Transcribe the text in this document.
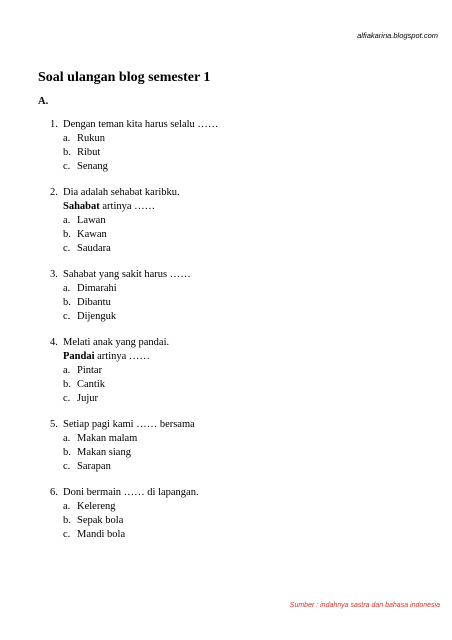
alfiakarina.blogspot.com
Soal ulangan blog semester 1
A.
1. Dengan teman kita harus selalu ……
a. Rukun
b. Ribut
c. Senang
2. Dia adalah sehabat karibku.
Sahabat artinya ……
a. Lawan
b. Kawan
c. Saudara
3. Sahabat yang sakit harus ……
a. Dimarahi
b. Dibantu
c. Dijenguk
4. Melati anak yang pandai.
Pandai artinya ……
a. Pintar
b. Cantik
c. Jujur
5. Setiap pagi kami …… bersama
a. Makan malam
b. Makan siang
c. Sarapan
6. Doni bermain …… di lapangan.
a. Kelereng
b. Sepak bola
c. Mandi bola
Sumber : indahnya sastra dan bahasa indonesia
